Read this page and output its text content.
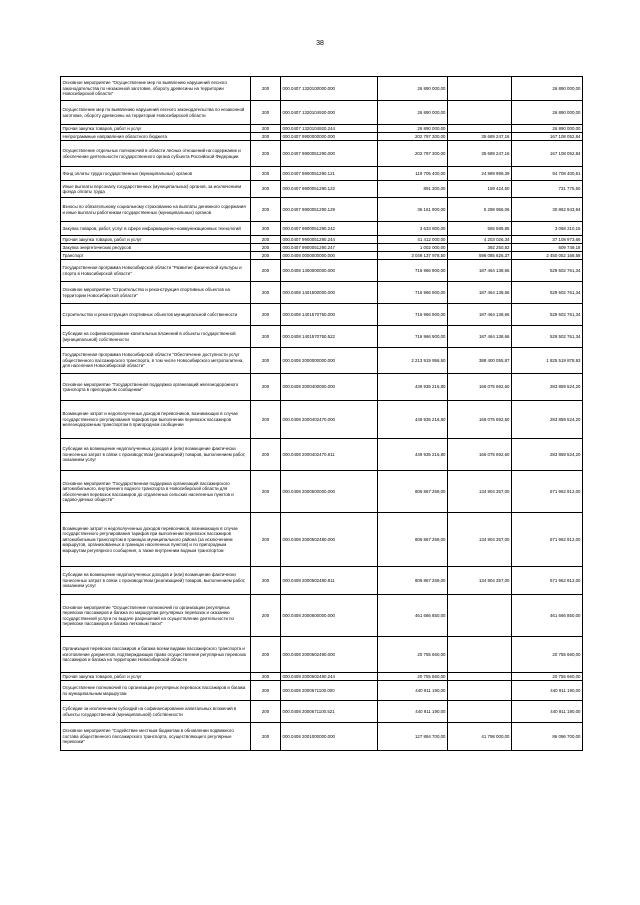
38
Основное мероприятие "Осуществление мер по выявлению нарушений лесного законодательства по незаконной заготовке, обороту древесины на территории Новосибирской области"	200	000.0407 1320100000.000	26 890 000,00		26 890 000,00
Осуществление мер по выявлению нарушений лесного законодательства по незаконной заготовке, обороту древесины на территории Новосибирской области	200	000.0407 1320104920.000	26 890 000,00		26 890 000,00
Прочая закупка товаров, работ и услуг	200	000.0407 1320104920.244	26 890 000,00		26 890 000,00
Непрограммные направления областного бюджета	200	000.0407 9900000000.000	202 797 300,00	35 689 247,16	167 108 052,84
Осуществление отдельных полномочий в области лесных отношений на содержание и обеспечение деятельности государственного органа субъекта Российской Федерации	200	000.0407 9900051290.000	202 797 300,00	35 689 247,16	167 108 052,84
Фонд оплаты труда государственных (муниципальных) органов	200	000.0407 9900051290.121	119 705 400,00	24 989 999,39	94 708 400,61
Иные выплаты персоналу государственных (муниципальных) органов, за исключением фонда оплаты труда	200	000.0407 9900051290.122	891 300,00	159 424,50	731 775,50
Взносы по обязательному социальному страхованию на выплаты денежного содержания и иные выплаты работникам государственных (муниципальных) органов	200	000.0407 9900051290.129	36 161 900,00	5 298 956,06	30 862 943,94
Закупка товаров, работ, услуг в сфере информационно-коммуникационных технологий	200	000.0407 9900051290.242	3 633 800,00	565 589,85	3 068 210,15
Прочая закупка товаров, работ и услуг	200	000.0407 9900051290.244	41 412 000,00	4 203 026,34	37 108 973,66
Закупка энергетических ресурсов	200	000.0407 9900051290.247	1 002 000,00	392 250,82	609 749,18
Транспорт	200	000.0408 0000000000.000	3 049 137 978,50	598 085 626,37	2 450 052 168,58
Государственная программа Новосибирской области "Развитие физической культуры и спорта в Новосибирской области"	200	000.0408 1400000000.000	716 966 900,00	187 464 138,66	529 502 761,34
Основное мероприятие "Строительство и реконструкция спортивных объектов на территории Новосибирской области"	200	000.0408 1401500000.000	716 966 900,00	187 464 138,66	529 502 761,34
Строительство и реконструкция спортивных объектов муниципальной собственности	200	000.0408 1401570750.000	716 966 900,00	187 464 138,66	529 502 761,34
Субсидии на софинансирование капитальных вложений в объекты государственной (муниципальной) собственности	200	000.0408 1401570750.522	716 966 900,00	187 464 138,66	529 502 761,34
Государственная программа Новосибирской области "Обеспечение доступности услуг общественного пассажирского транспорта, в том числе Новосибирского метрополитена, для населения Новосибирской области"	200	000.0408 2000000000.000	2 213 919 956,50	388 400 055,87	1 825 519 878,93
Основное мероприятие "Государственная поддержка организаций железнодорожного транспорта в пригородном сообщении"	200	000.0408 2000400000.000	449 935 216,80	166 075 692,60	283 859 524,20
Возмещение затрат и недополученных доходов перевозчиков, возникающих в случае государственного регулирования тарифов при выполнении перевозок пассажиров железнодорожным транспортом в пригородном сообщении	200	000.0408 2000402470.000	449 935 216,80	166 075 692,60	283 859 524,20
Субсидии на возмещение недополученных доходов и (или) возмещение фактически понесенных затрат в связи с производством (реализацией) товаров, выполнением работ, оказанием услуг	200	000.0408 2000402470.811	449 935 216,80	166 075 692,60	283 859 524,20
Основное мероприятие "Государственная поддержка организаций пассажирского автомобильного, внутреннего водного транспорта в Новосибирской области для обеспечения перевозок пассажиров до отдаленных сельских населенных пунктов и садово-дачных обществ"	200	000.0408 2000500000.000	806 867 269,00	134 904 357,00	671 962 912,00
Возмещение затрат и недополученных доходов перевозчиков, возникающих в случае государственного регулирования тарифов при выполнении перевозок пассажиров автомобильным транспортом в границах муниципального района (за исключением маршрутов, организованных в границах населенных пунктов) и по пригородным маршрутам регулярного сообщения, а также внутренним водным транспортом	200	000.0408 2000502480.000	806 867 269,00	134 904 357,00	671 962 912,00
Субсидии на возмещение недополученных доходов и (или) возмещение фактически понесенных затрат в связи с производством (реализацией) товаров, выполнением работ, оказанием услуг	200	000.0408 2000502480.811	806 867 269,00	134 904 357,00	671 962 912,00
Основное мероприятие "Осуществление полномочий по организации регулярных перевозок пассажиров и багажа по маршрутам регулярных перевозок и оказанию государственной услуги по выдаче разрешений на осуществление деятельности по перевозке пассажиров и багажа легковым такси"	200	000.0408 2000600000.000	461 666 850,00		461 666 850,00
Организация перевозок пассажиров и багажа всеми видами пассажирского транспорта и изготовление документов, подтверждающих право осуществления регулярных перевозок пассажиров и багажа на территории Новосибирской области	200	000.0408 2000602490.000	20 755 660,00		20 755 660,00
Прочая закупка товаров, работ и услуг	200	000.0408 2000602490.244	20 755 660,00		20 755 660,00
Осуществление полномочий по организации регулярных перевозок пассажиров и багажа по муниципальным маршрутам	200	000.0408 2000671100.000	440 911 190,00		440 911 190,00
Субсидии за исключением субсидий на софинансирование капитальных вложений в объекты государственной (муниципальной) собственности	200	000.0408 2000671100.521	440 911 190,00		440 911 190,00
Основное мероприятие "Содействие местным бюджетам в обновлении подвижного состава общественного пассажирского транспорта, осуществляющего регулярные перевозки"	200	000.0408 2001000000.000	127 894 700,00	41 798 000,00	86 096 700,00
